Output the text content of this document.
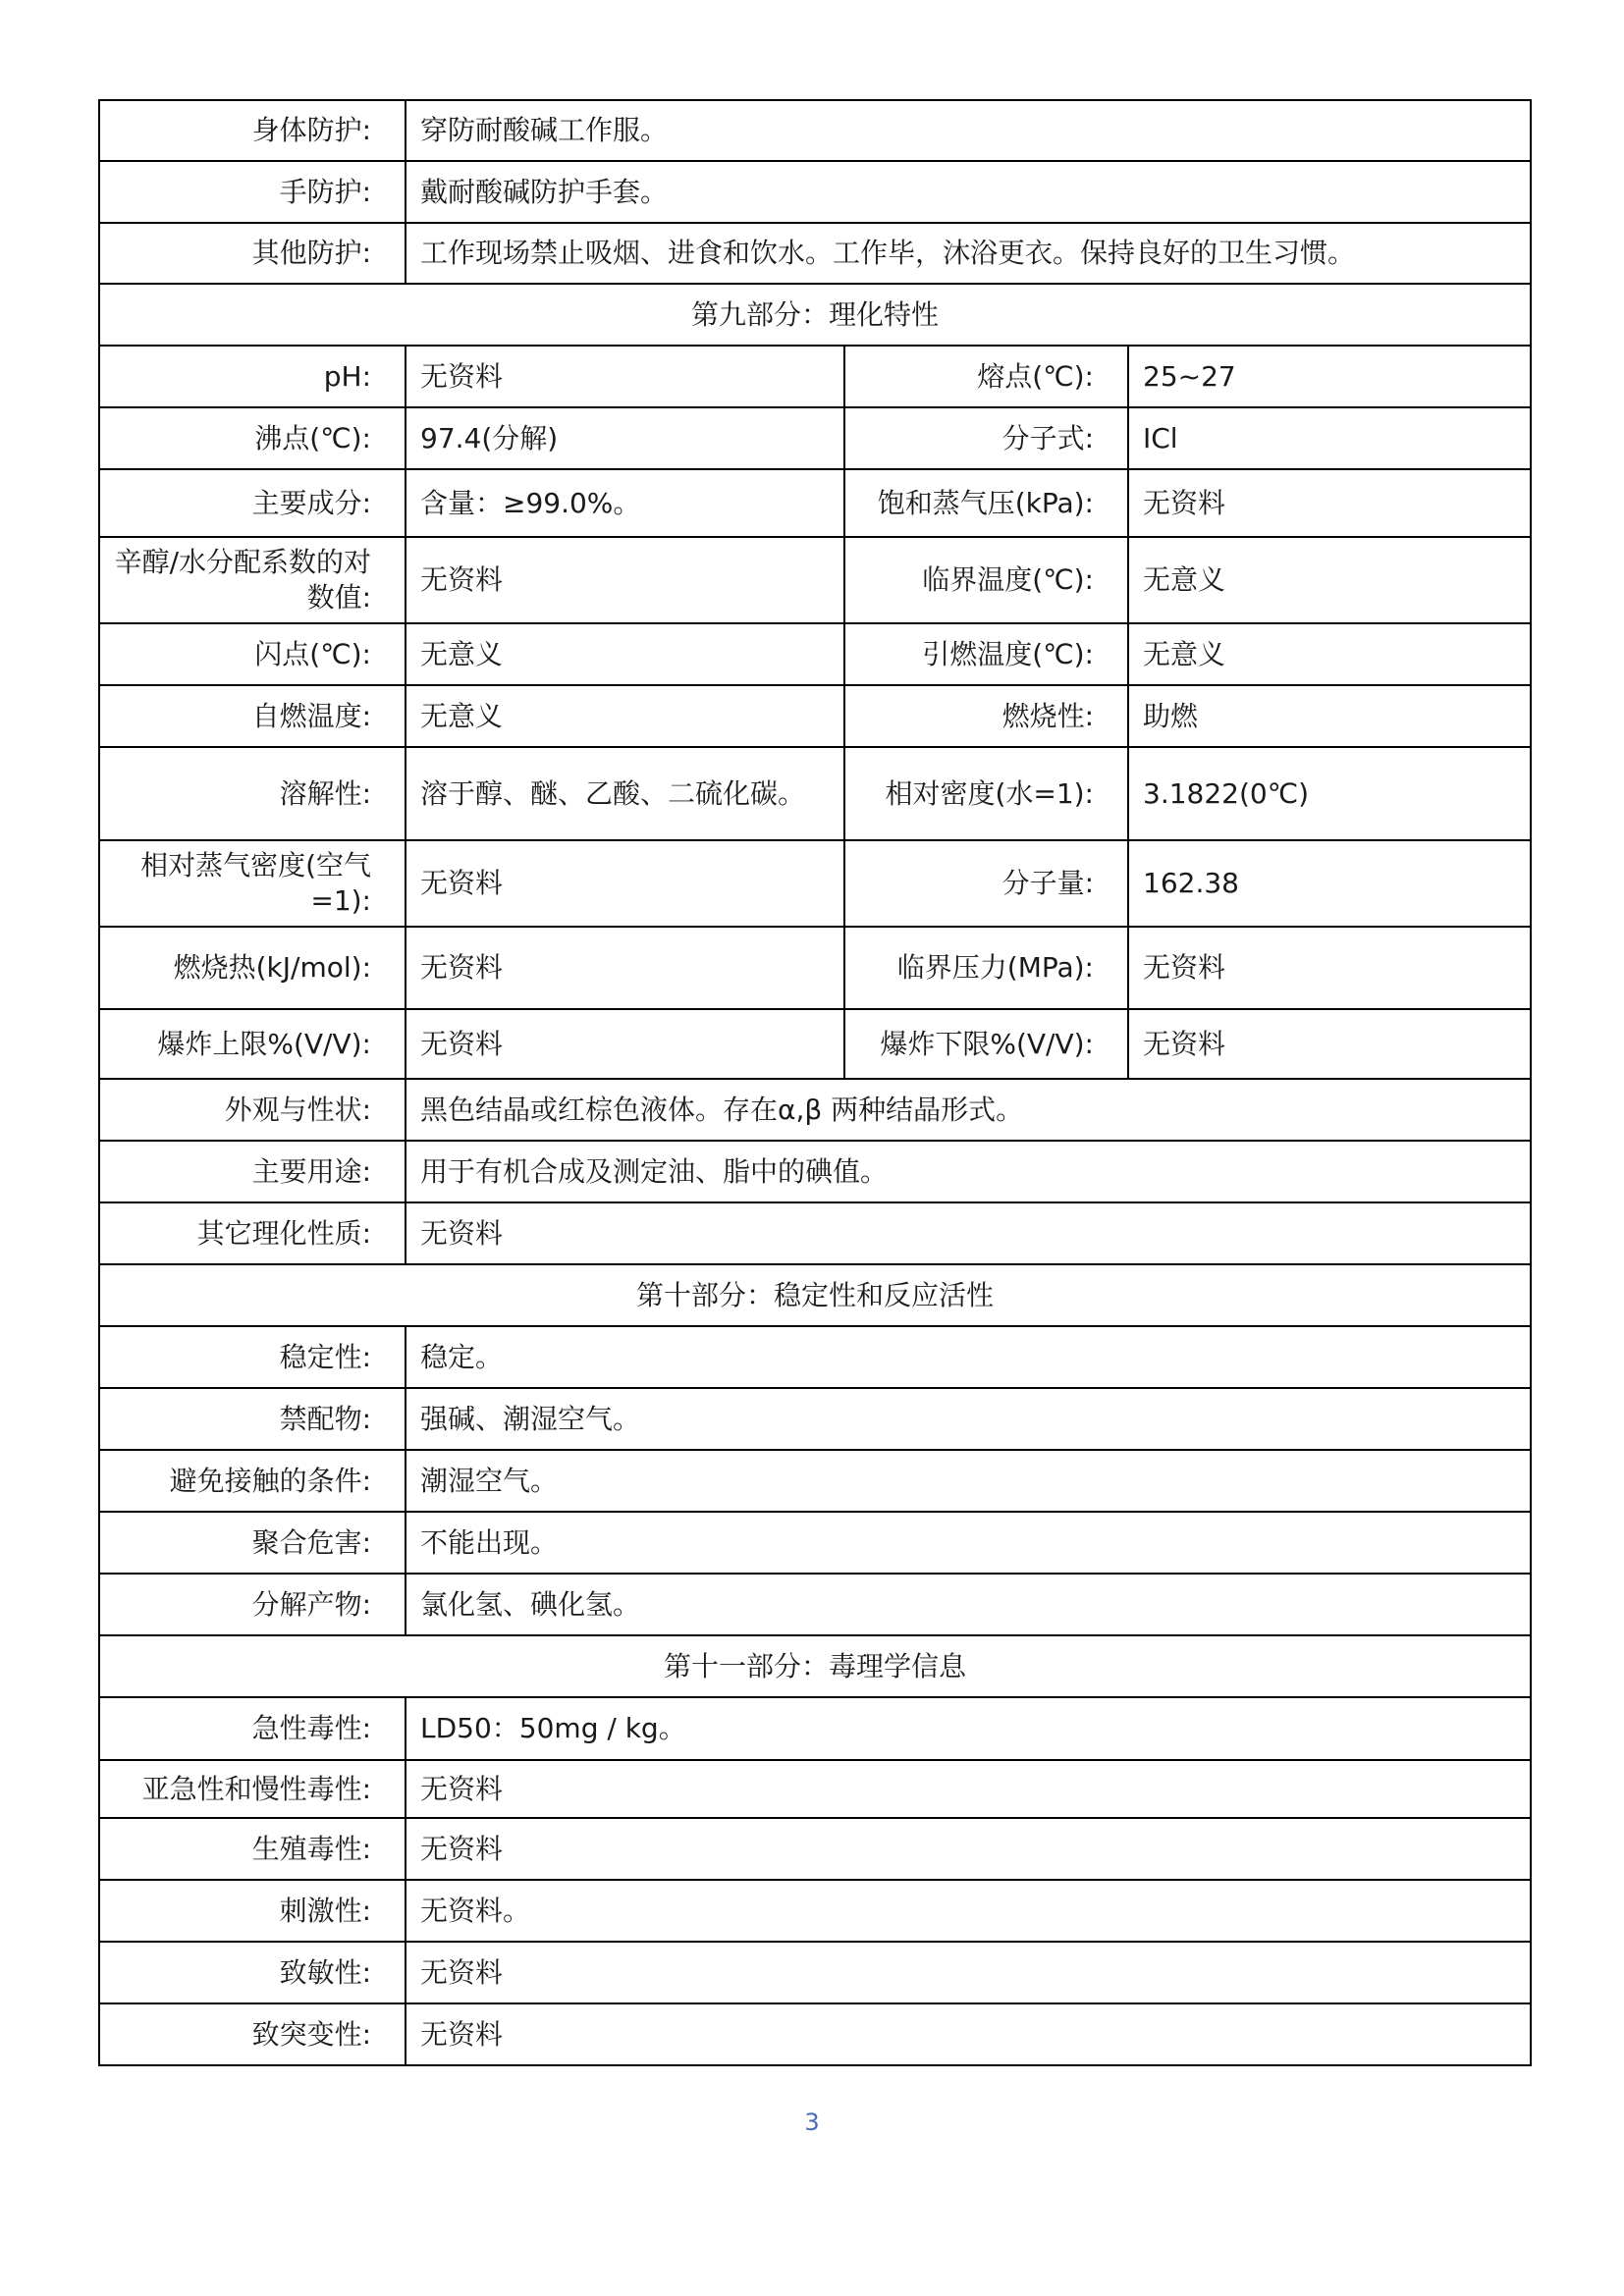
身体防护:	穿防耐酸碱工作服。		
手防护:	戴耐酸碱防护手套。		
其他防护:	工作现场禁止吸烟、进食和饮水。工作毕，沐浴更衣。保持良好的卫生习惯。		
第九部分：理化特性			
pH:	无资料	熔点(℃):	25~27
沸点(℃):	97.4(分解)	分子式:	ICl
主要成分:	含量：≥99.0%。	饱和蒸气压(kPa):	无资料
辛醇/水分配系数的对数值:	无资料	临界温度(℃):	无意义
闪点(℃):	无意义	引燃温度(℃):	无意义
自燃温度:	无意义	燃烧性:	助燃
溶解性:	溶于醇、醚、乙酸、二硫化碳。	相对密度(水=1):	3.1822(0℃)
相对蒸气密度(空气=1):	无资料	分子量:	162.38
燃烧热(kJ/mol):	无资料	临界压力(MPa):	无资料
爆炸上限%(V/V):	无资料	爆炸下限%(V/V):	无资料
外观与性状:	黑色结晶或红棕色液体。存在α,β 两种结晶形式。		
主要用途:	用于有机合成及测定油、脂中的碘值。		
其它理化性质:	无资料		
第十部分：稳定性和反应活性			
稳定性:	稳定。		
禁配物:	强碱、潮湿空气。		
避免接触的条件:	潮湿空气。		
聚合危害:	不能出现。		
分解产物:	氯化氢、碘化氢。		
第十一部分：毒理学信息			
急性毒性:	LD50：50mg / kg。		
亚急性和慢性毒性:	无资料		
生殖毒性:	无资料		
刺激性:	无资料。		
致敏性:	无资料		
致突变性:	无资料		
3
